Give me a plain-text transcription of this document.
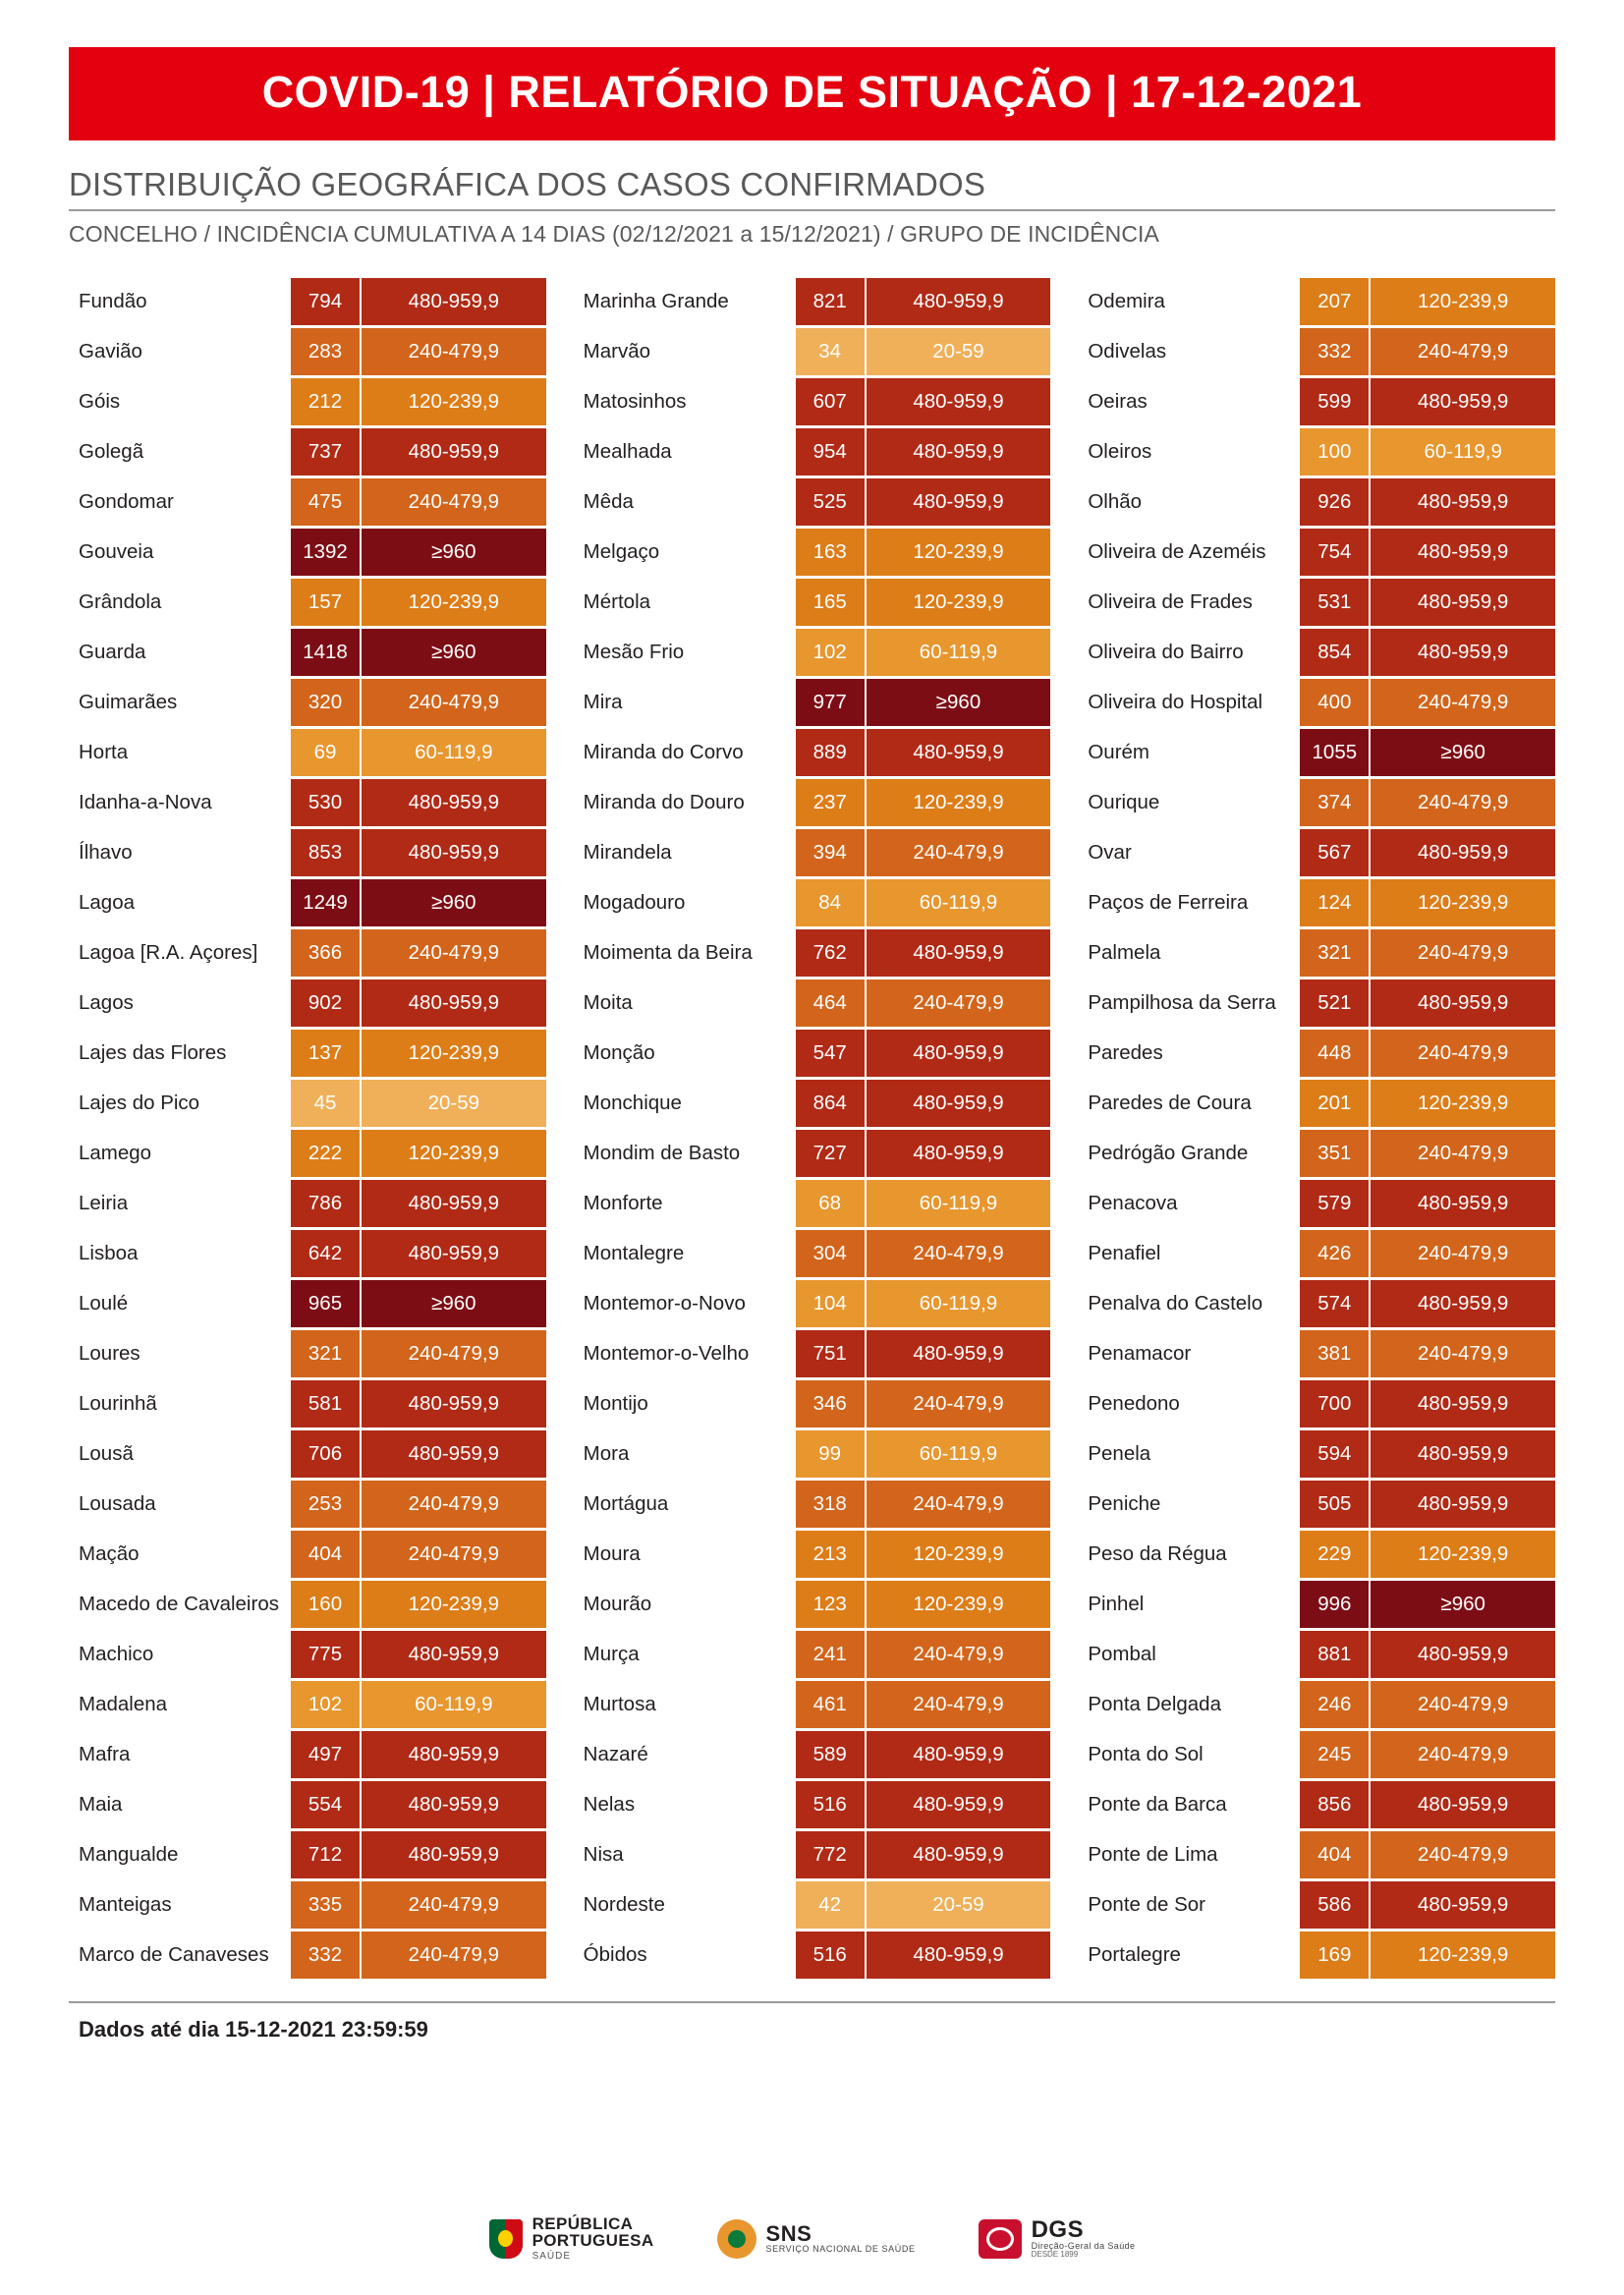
COVID-19 | RELATÓRIO DE SITUAÇÃO | 17-12-2021
DISTRIBUIÇÃO GEOGRÁFICA DOS CASOS CONFIRMADOS
CONCELHO / INCIDÊNCIA CUMULATIVA A 14 DIAS (02/12/2021 a 15/12/2021) / GRUPO DE INCIDÊNCIA
Fundão	794	480-959,9
Gavião	283	240-479,9
Góis	212	120-239,9
Golegã	737	480-959,9
Gondomar	475	240-479,9
Gouveia	1392	≥960
Grândola	157	120-239,9
Guarda	1418	≥960
Guimarães	320	240-479,9
Horta	69	60-119,9
Idanha-a-Nova	530	480-959,9
Ílhavo	853	480-959,9
Lagoa	1249	≥960
Lagoa [R.A. Açores]	366	240-479,9
Lagos	902	480-959,9
Lajes das Flores	137	120-239,9
Lajes do Pico	45	20-59
Lamego	222	120-239,9
Leiria	786	480-959,9
Lisboa	642	480-959,9
Loulé	965	≥960
Loures	321	240-479,9
Lourinhã	581	480-959,9
Lousã	706	480-959,9
Lousada	253	240-479,9
Mação	404	240-479,9
Macedo de Cavaleiros	160	120-239,9
Machico	775	480-959,9
Madalena	102	60-119,9
Mafra	497	480-959,9
Maia	554	480-959,9
Mangualde	712	480-959,9
Manteigas	335	240-479,9
Marco de Canaveses	332	240-479,9
Marinha Grande	821	480-959,9
Marvão	34	20-59
Matosinhos	607	480-959,9
Mealhada	954	480-959,9
Mêda	525	480-959,9
Melgaço	163	120-239,9
Mértola	165	120-239,9
Mesão Frio	102	60-119,9
Mira	977	≥960
Miranda do Corvo	889	480-959,9
Miranda do Douro	237	120-239,9
Mirandela	394	240-479,9
Mogadouro	84	60-119,9
Moimenta da Beira	762	480-959,9
Moita	464	240-479,9
Monção	547	480-959,9
Monchique	864	480-959,9
Mondim de Basto	727	480-959,9
Monforte	68	60-119,9
Montalegre	304	240-479,9
Montemor-o-Novo	104	60-119,9
Montemor-o-Velho	751	480-959,9
Montijo	346	240-479,9
Mora	99	60-119,9
Mortágua	318	240-479,9
Moura	213	120-239,9
Mourão	123	120-239,9
Murça	241	240-479,9
Murtosa	461	240-479,9
Nazaré	589	480-959,9
Nelas	516	480-959,9
Nisa	772	480-959,9
Nordeste	42	20-59
Óbidos	516	480-959,9
Odemira	207	120-239,9
Odivelas	332	240-479,9
Oeiras	599	480-959,9
Oleiros	100	60-119,9
Olhão	926	480-959,9
Oliveira de Azeméis	754	480-959,9
Oliveira de Frades	531	480-959,9
Oliveira do Bairro	854	480-959,9
Oliveira do Hospital	400	240-479,9
Ourém	1055	≥960
Ourique	374	240-479,9
Ovar	567	480-959,9
Paços de Ferreira	124	120-239,9
Palmela	321	240-479,9
Pampilhosa da Serra	521	480-959,9
Paredes	448	240-479,9
Paredes de Coura	201	120-239,9
Pedrógão Grande	351	240-479,9
Penacova	579	480-959,9
Penafiel	426	240-479,9
Penalva do Castelo	574	480-959,9
Penamacor	381	240-479,9
Penedono	700	480-959,9
Penela	594	480-959,9
Peniche	505	480-959,9
Peso da Régua	229	120-239,9
Pinhel	996	≥960
Pombal	881	480-959,9
Ponta Delgada	246	240-479,9
Ponta do Sol	245	240-479,9
Ponte da Barca	856	480-959,9
Ponte de Lima	404	240-479,9
Ponte de Sor	586	480-959,9
Portalegre	169	120-239,9
Dados até dia 15-12-2021 23:59:59
REPÚBLICA
PORTUGUESA
SAÚDE
SNS
SERVIÇO NACIONAL DE SAÚDE
DGS
Direção-Geral da Saúde
DESDE 1899
